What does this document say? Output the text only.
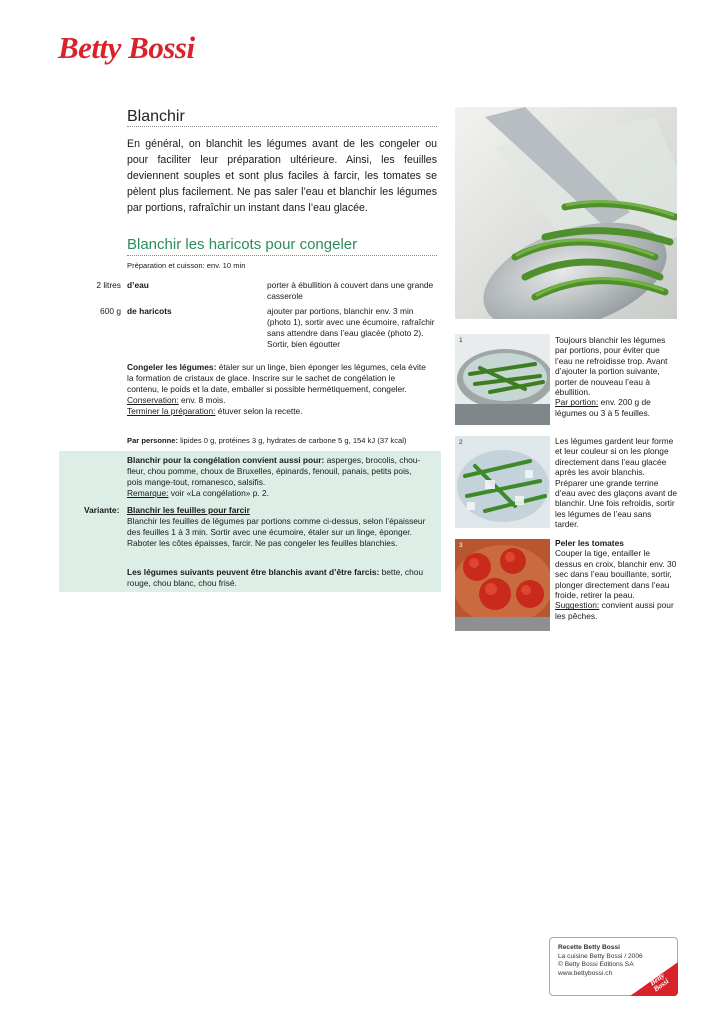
Betty Bossi
Blanchir
En général, on blanchit les légumes avant de les congeler ou pour faciliter leur préparation ultérieure. Ainsi, les feuilles deviennent souples et sont plus faciles à farcir, les tomates se pèlent plus facilement. Ne pas saler l’eau et blanchir les légumes par portions, rafraîchir un instant dans l’eau glacée.
Blanchir les haricots pour congeler
Préparation et cuisson: env. 10 min
2 litres d’eau	porter à ébullition à couvert dans une grande casserole
600 g de haricots	ajouter par portions, blanchir env. 3 min (photo 1), sortir avec une écumoire, rafraîchir sans attendre dans l’eau glacée (photo 2). Sortir, bien égoutter
Congeler les légumes: étaler sur un linge, bien éponger les légumes, cela évite la formation de cristaux de glace. Inscrire sur le sachet de congélation le contenu, le poids et la date, emballer si possible hermétiquement, congeler.
Conservation: env. 8 mois.
Terminer la préparation: étuver selon la recette.
Par personne: lipides 0 g, protéines 3 g, hydrates de carbone 5 g, 154 kJ (37 kcal)
Blanchir pour la congélation convient aussi pour: asperges, brocolis, chou-fleur, chou pomme, choux de Bruxelles, épinards, fenouil, panais, petits pois, pois mange-tout, romanesco, salsifis.
Remarque: voir «La congélation» p. 2.
Variante: Blanchir les feuilles pour farcir
Blanchir les feuilles de légumes par portions comme ci-dessus, selon l’épaisseur des feuilles 1 à 3 min. Sortir avec une écumoire, étaler sur un linge, éponger. Raboter les côtes épaisses, farcir. Ne pas congeler les feuilles blanchies.
Les légumes suivants peuvent être blanchis avant d’être farcis: bette, chou rouge, chou blanc, chou frisé.
1	Toujours blanchir les légumes par portions, pour éviter que l’eau ne refroidisse trop. Avant d’ajouter la portion suivante, porter de nouveau l’eau à ébullition.
Par portion: env. 200 g de légumes ou 3 à 5 feuilles.
2	Les légumes gardent leur forme et leur couleur si on les plonge directement dans l’eau glacée après les avoir blanchis. Préparer une grande terrine d’eau avec des glaçons avant de blanchir. Une fois refroidis, sortir les légumes de l’eau sans tarder.
3	Peler les tomates
Couper la tige, entailler le dessus en croix, blanchir env. 30 sec dans l’eau bouillante, sortir, plonger directement dans l’eau froide, retirer la peau.
Suggestion: convient aussi pour les pêches.
Recette Betty Bossi
La cuisine Betty Bossi / 2006
© Betty Bossi Editions SA
www.bettybossi.ch	Betty Bossi
